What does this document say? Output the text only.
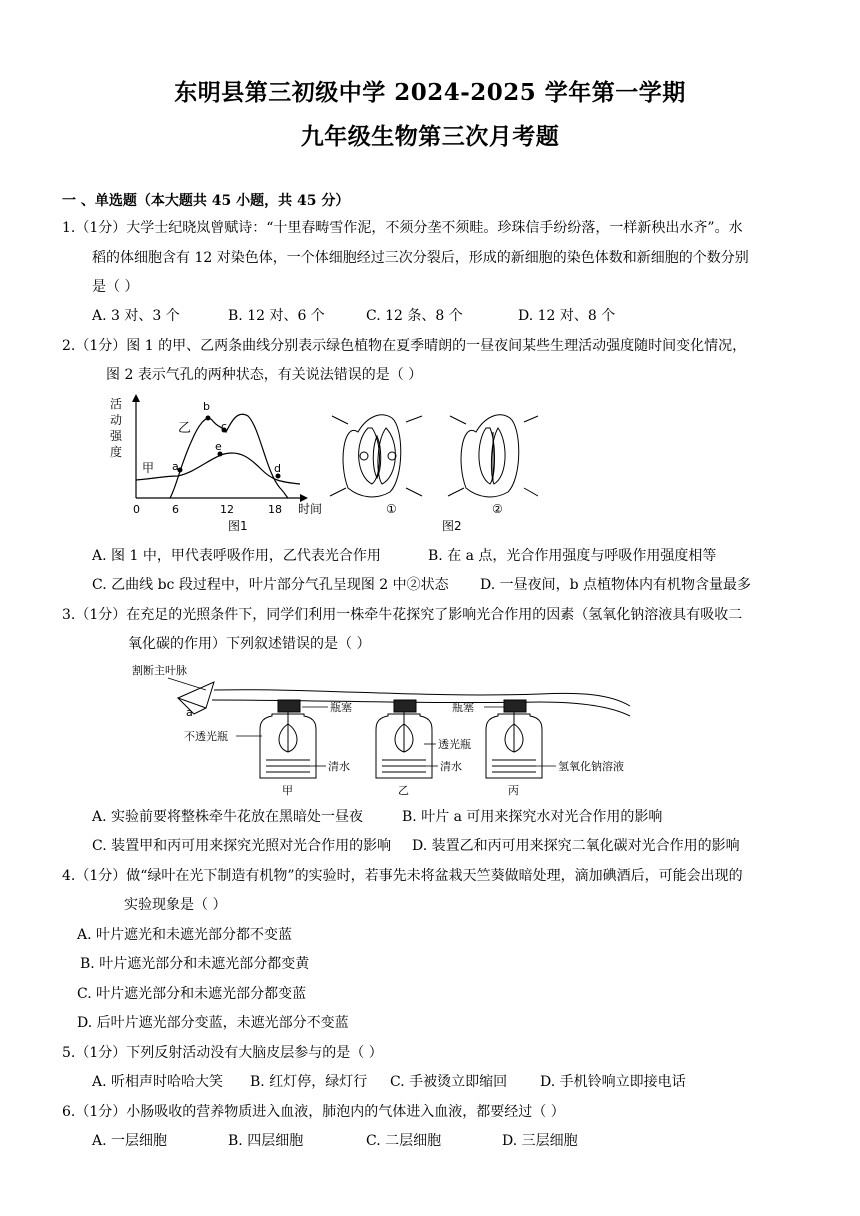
东明县第三初级中学 2024-2025 学年第一学期
九年级生物第三次月考题
一 、单选题（本大题共 45 小题，共 45 分）
1.（1分）大学士纪晓岚曾赋诗：“十里春畴雪作泥，不须分垄不须畦。珍珠信手纷纷落，一样新秧出水齐”。水
稻的体细胞含有 12 对染色体，一个体细胞经过三次分裂后，形成的新细胞的染色体数和新细胞的个数分别
是（ ）
A. 3 对、3 个	B. 12 对、6 个	C. 12 条、8 个	D. 12 对、8 个
2.（1分）图 1 的甲、乙两条曲线分别表示绿色植物在夏季晴朗的一昼夜间某些生理活动强度随时间变化情况，
图 2 表示气孔的两种状态，有关说法错误的是（ ）
活
动
强
度
甲
乙
a
b
c
d
e
0	6	12	18 时间
图1
①	②
图2
A. 图 1 中，甲代表呼吸作用，乙代表光合作用	B. 在 a 点，光合作用强度与呼吸作用强度相等
C. 乙曲线 bc 段过程中，叶片部分气孔呈现图 2 中②状态 D. 一昼夜间，b 点植物体内有机物含量最多
3.（1分）在充足的光照条件下，同学们利用一株牵牛花探究了影响光合作用的因素（氢氧化钠溶液具有吸收二
氧化碳的作用）下列叙述错误的是（ ）
割断主叶脉
a	瓶塞	瓶塞
不透光瓶
透光瓶
清水	清水	氢氧化钠溶液
甲	乙	丙
A. 实验前要将整株牵牛花放在黑暗处一昼夜	B. 叶片 a 可用来探究水对光合作用的影响
C. 装置甲和丙可用来探究光照对光合作用的影响 D. 装置乙和丙可用来探究二氧化碳对光合作用的影响
4.（1分）做“绿叶在光下制造有机物”的实验时，若事先未将盆栽天竺葵做暗处理，滴加碘酒后，可能会出现的
实验现象是（ ）
A. 叶片遮光和未遮光部分都不变蓝
B. 叶片遮光部分和未遮光部分都变黄
C. 叶片遮光部分和未遮光部分都变蓝
D. 后叶片遮光部分变蓝，未遮光部分不变蓝
5.（1分）下列反射活动没有大脑皮层参与的是（ ）
A. 听相声时哈哈大笑 B. 红灯停，绿灯行 C. 手被烫立即缩回 D. 手机铃响立即接电话
6.（1分）小肠吸收的营养物质进入血液，肺泡内的气体进入血液，都要经过（ ）
A. 一层细胞	B. 四层细胞	C. 二层细胞	D. 三层细胞
